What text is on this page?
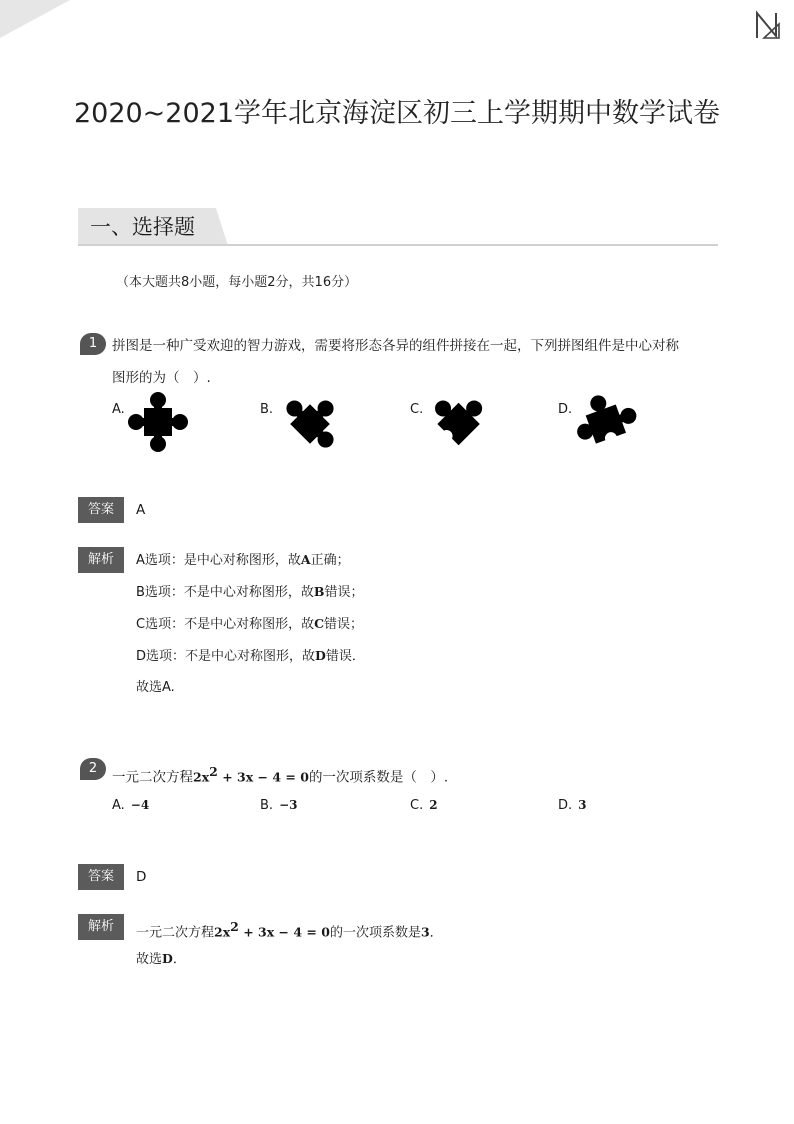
2020~2021学年北京海淀区初三上学期期中数学试卷
一、选择题
（本大题共8小题，每小题2分，共16分）
1	拼图是一种广受欢迎的智力游戏，需要将形态各异的组件拼接在一起，下列拼图组件是中心对称
图形的为（　）.
A.	B.	C.	D.
答案	A
解析	A选项：是中心对称图形，故A正确；
B选项：不是中心对称图形，故B错误；
C选项：不是中心对称图形，故C错误；
D选项：不是中心对称图形，故D错误．
故选A.
2
一元二次方程$2x^2 + 3x - 4 = 0$的一次项系数是（　）.
A. −4	B. −3	C. 2	D. 3
答案	D
解析	一元二次方程$2x^2 + 3x - 4 = 0$的一次项系数是3．
故选D．
